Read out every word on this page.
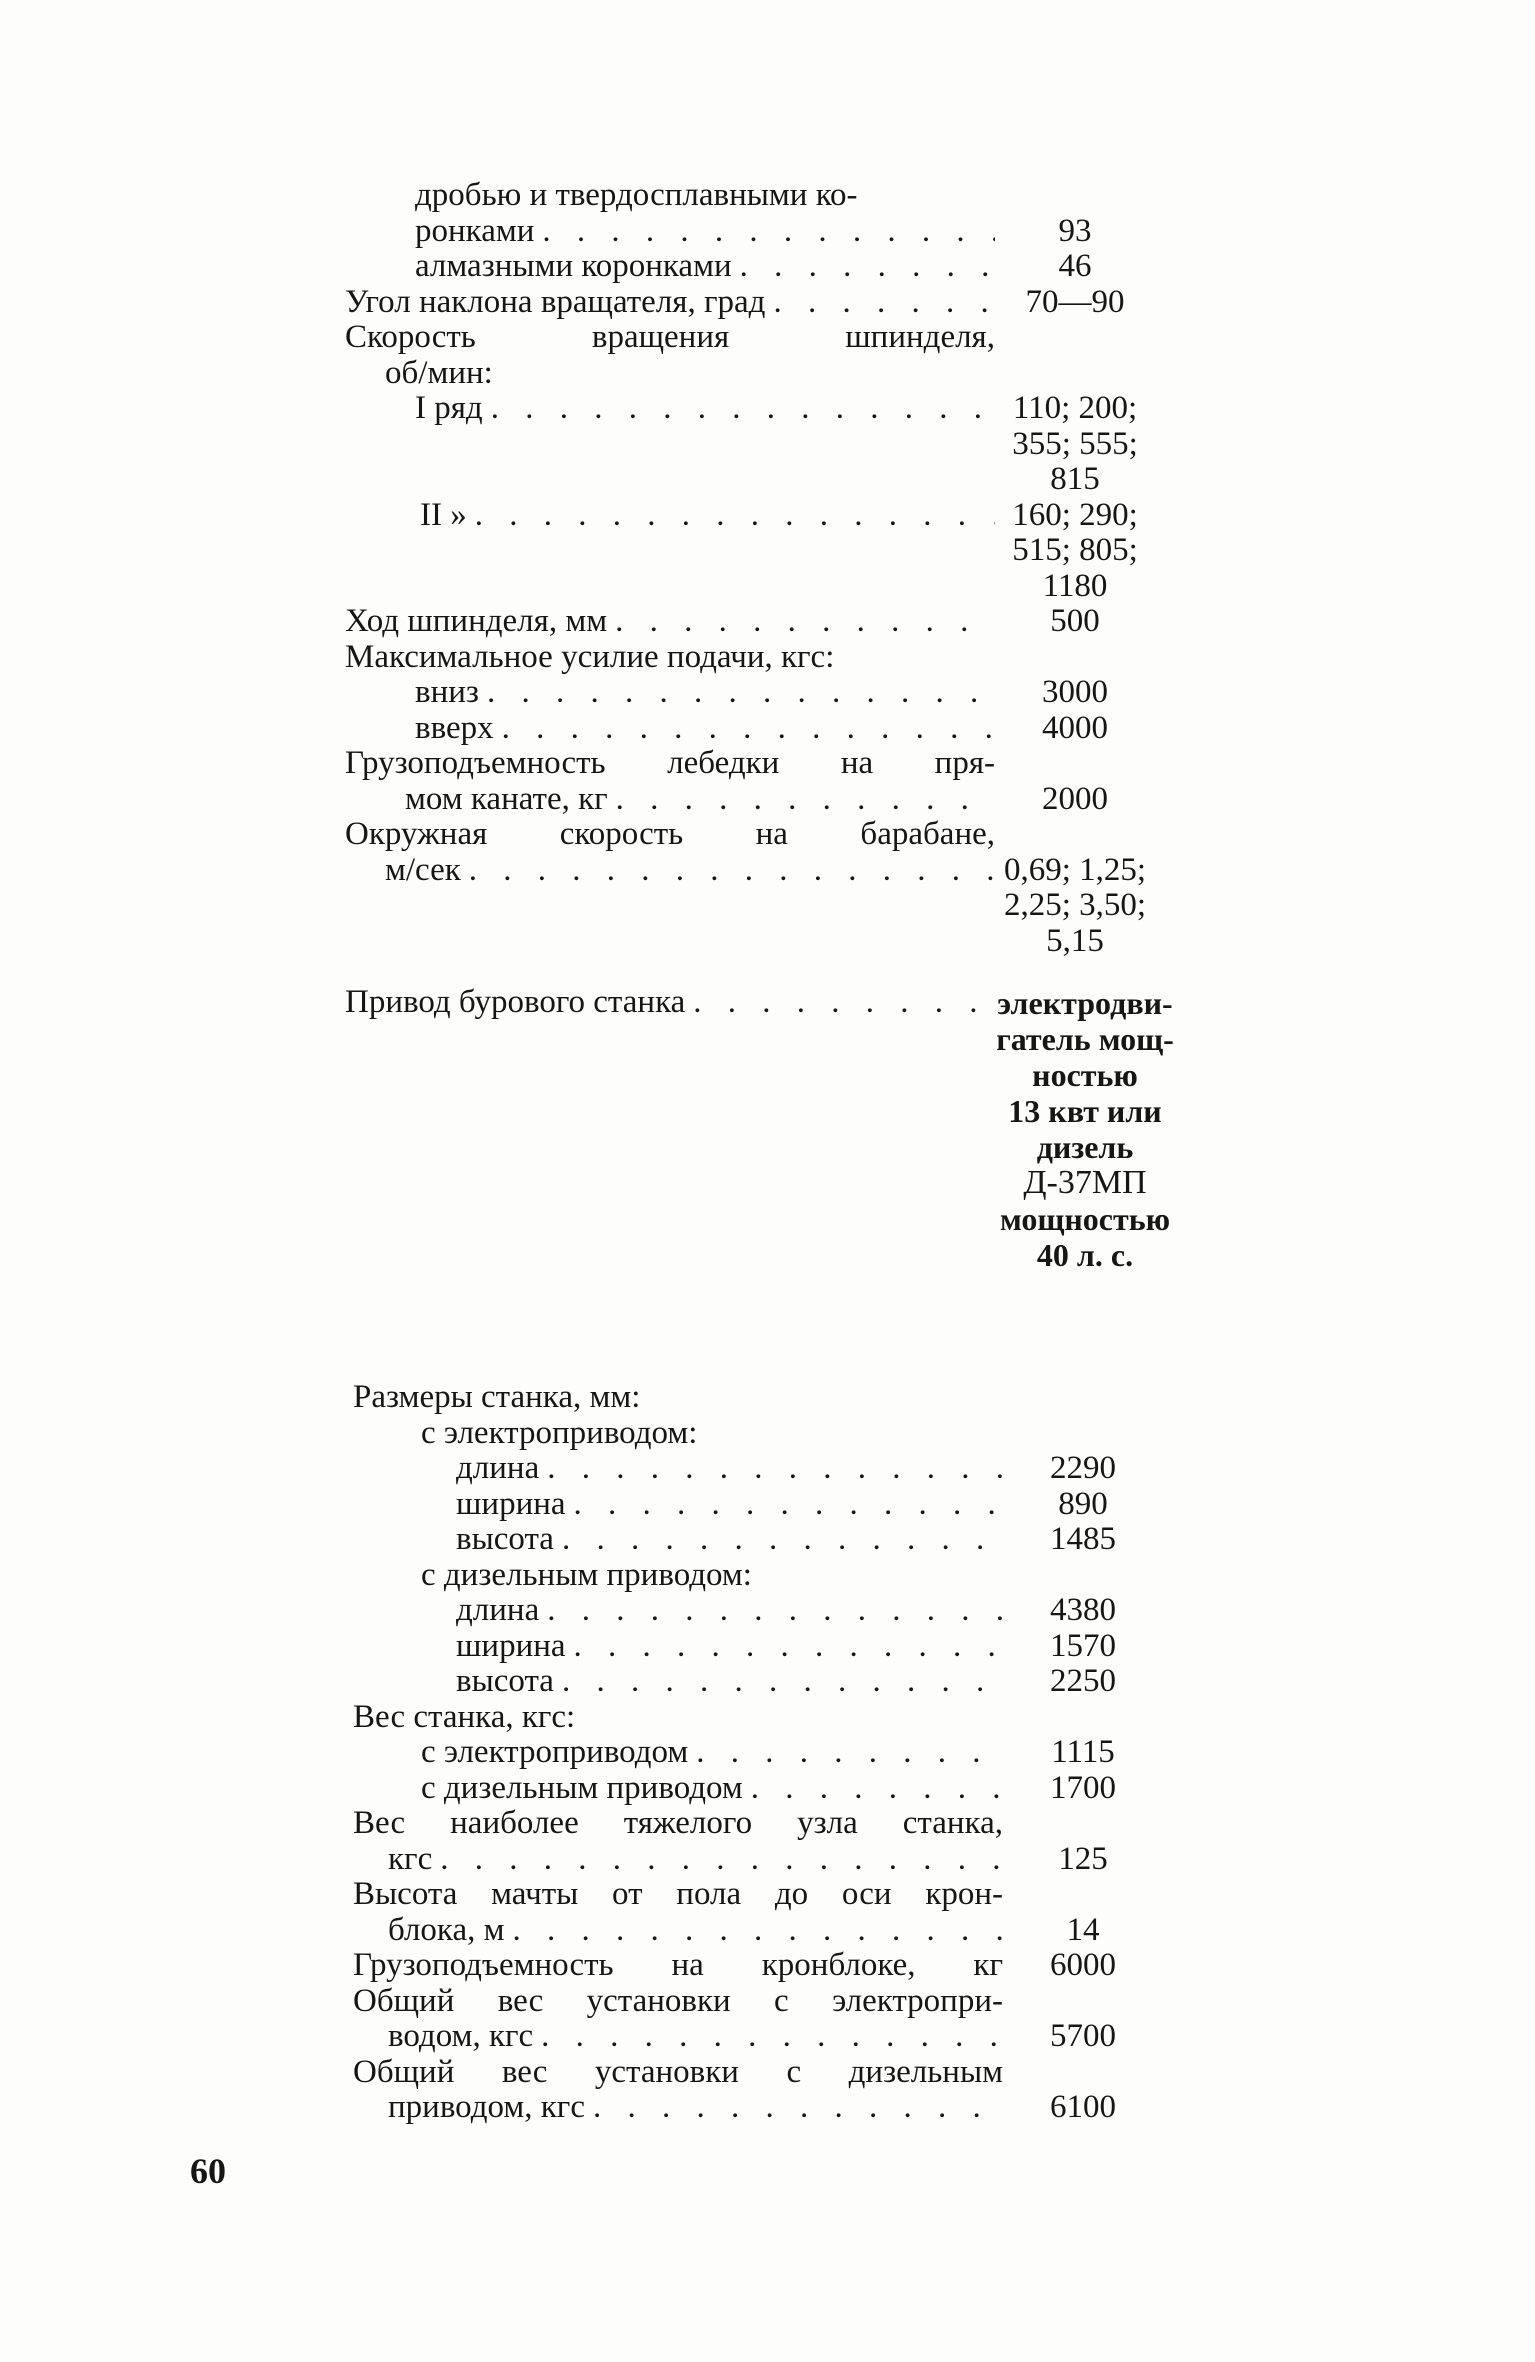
дробью и твердосплавными ко-
ронками . . .	93
алмазными коронками . . .	46
Угол наклона вращателя, град . . .	70—90
Скорость вращения шпинделя,
об/мин:
I ряд . . .	110; 200;
355; 555;
815
II » . . .	160; 290;
515; 805;
1180
Ход шпинделя, мм . . .	500
Максимальное усилие подачи, кгс:
вниз . . .	3000
вверх . . .	4000
Грузоподъемность лебедки на пря-
мом канате, кг . . .	2000
Окружная скорость на барабане,
м/сек . . .	0,69; 1,25;
2,25; 3,50;
5,15
Привод бурового станка . . .	электродви-
гатель мощ-
ностью
13 квт или
дизель
Д-37МП
мощностью
40 л. с.
Размеры станка, мм:
с электроприводом:
длина . . .	2290
ширина . . .	890
высота . . .	1485
с дизельным приводом:
длина . . .	4380
ширина . . .	1570
высота . . .	2250
Вес станка, кгс:
с электроприводом . . .	1115
с дизельным приводом . . .	1700
Вес наиболее тяжелого узла станка,
кгс . . .	125
Высота мачты от пола до оси крон-
блока, м . . .	14
Грузоподъемность на кронблоке, кг	6000
Общий вес установки с электропри-
водом, кгс . . .	5700
Общий вес установки с дизельным
приводом, кгс . . .	6100
60
